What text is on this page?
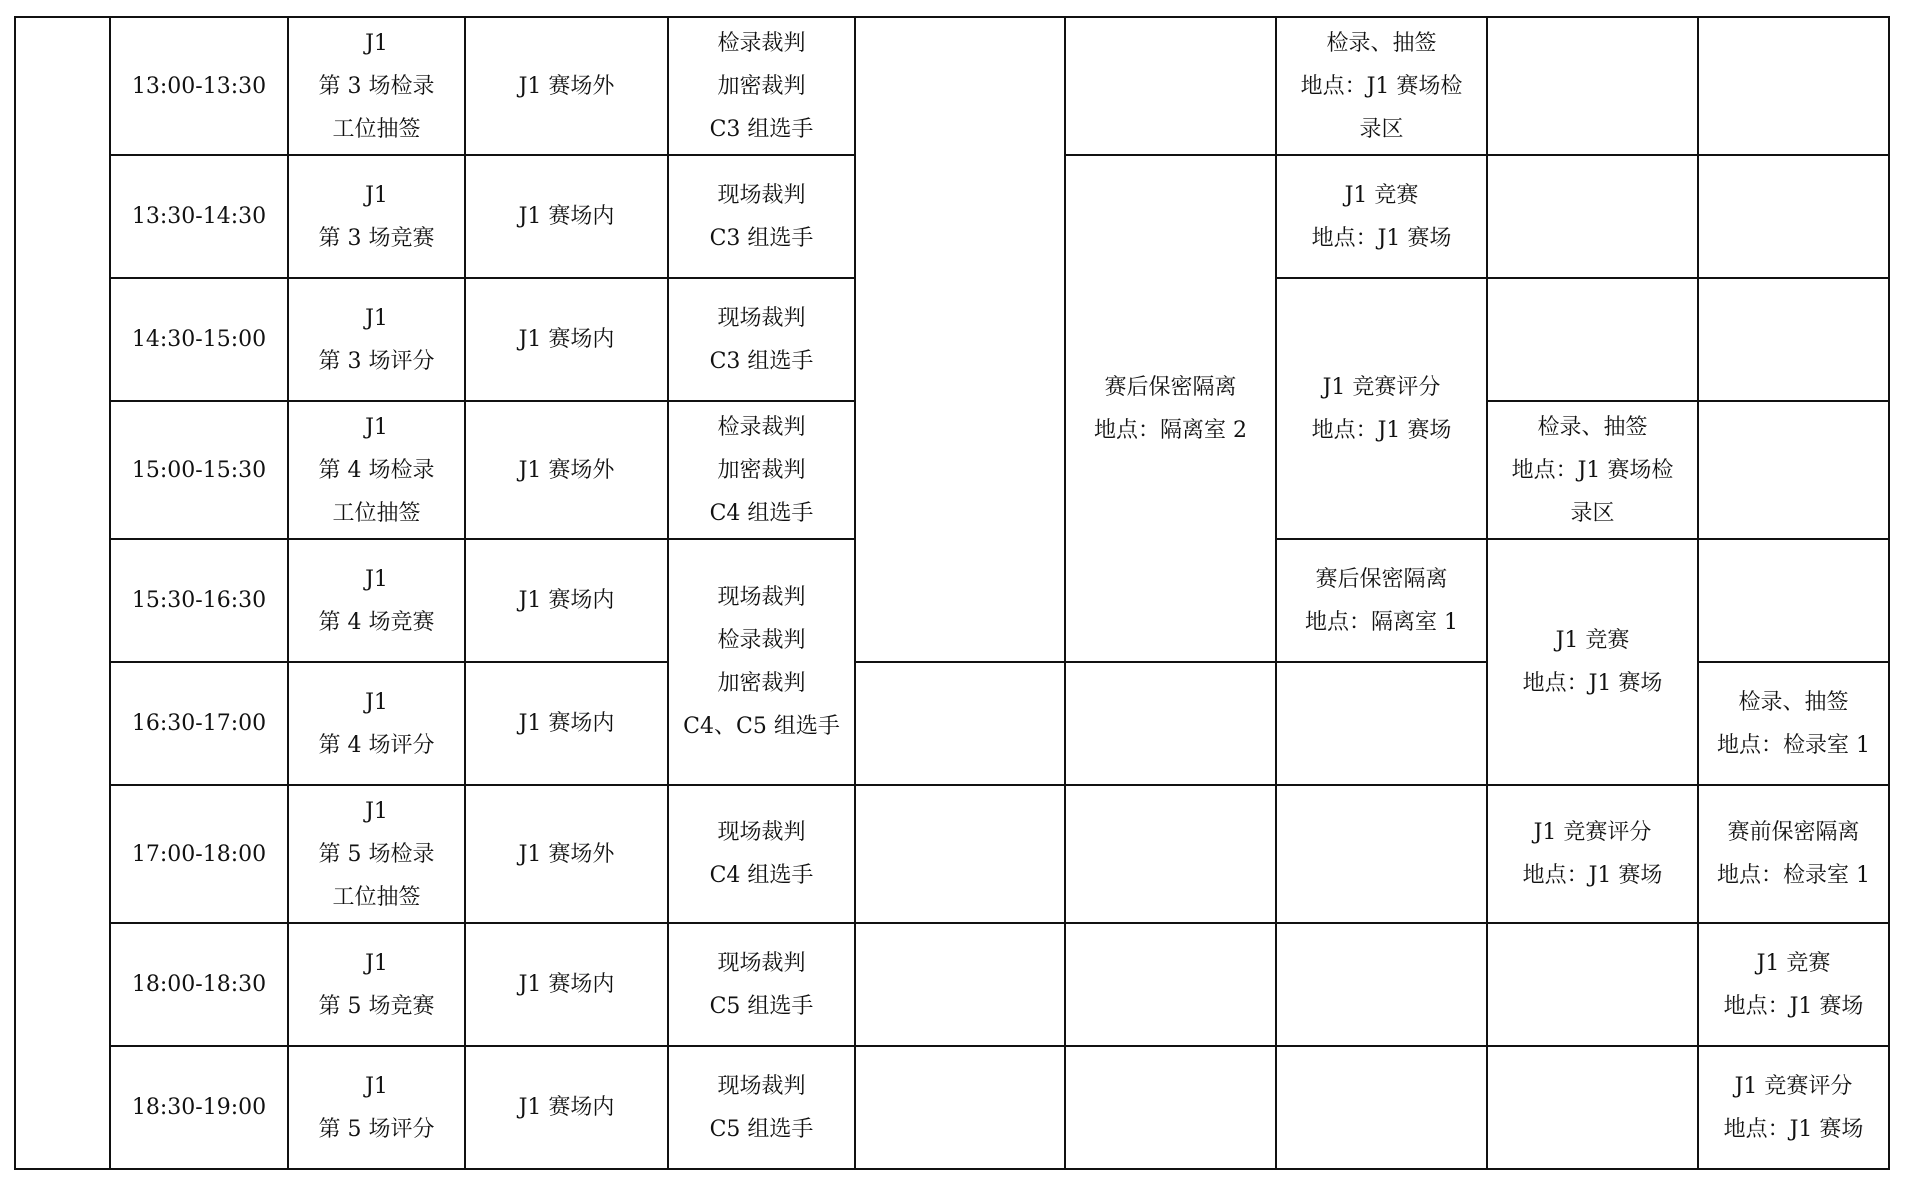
	13:00-13:30	J1
第 3 场检录
工位抽签	J1 赛场外	检录裁判
加密裁判
C3 组选手			检录、抽签
地点：J1 赛场检
录区		

	13:30-14:30	J1
第 3 场竞赛	J1 赛场内	现场裁判
C3 组选手		赛后保密隔离
地点：隔离室 2	J1 竞赛
地点：J1 赛场		

	14:30-15:00	J1
第 3 场评分	J1 赛场内	现场裁判
C3 组选手			J1 竞赛评分
地点：J1 赛场		

	15:00-15:30	J1
第 4 场检录
工位抽签	J1 赛场外	检录裁判
加密裁判
C4 组选手				检录、抽签
地点：J1 赛场检
录区	

	15:30-16:30	J1
第 4 场竞赛	J1 赛场内	现场裁判
检录裁判
加密裁判
C4、C5 组选手			赛后保密隔离
地点：隔离室 1	J1 竞赛
地点：J1 赛场	

	16:30-17:00	J1
第 4 场评分	J1 赛场内						检录、抽签
地点：检录室 1

	17:00-18:00	J1
第 5 场检录
工位抽签	J1 赛场外	现场裁判
C4 组选手				J1 竞赛评分
地点：J1 赛场	赛前保密隔离
地点：检录室 1

	18:00-18:30	J1
第 5 场竞赛	J1 赛场内	现场裁判
C5 组选手					J1 竞赛
地点：J1 赛场

	18:30-19:00	J1
第 5 场评分	J1 赛场内	现场裁判
C5 组选手					J1 竞赛评分
地点：J1 赛场
